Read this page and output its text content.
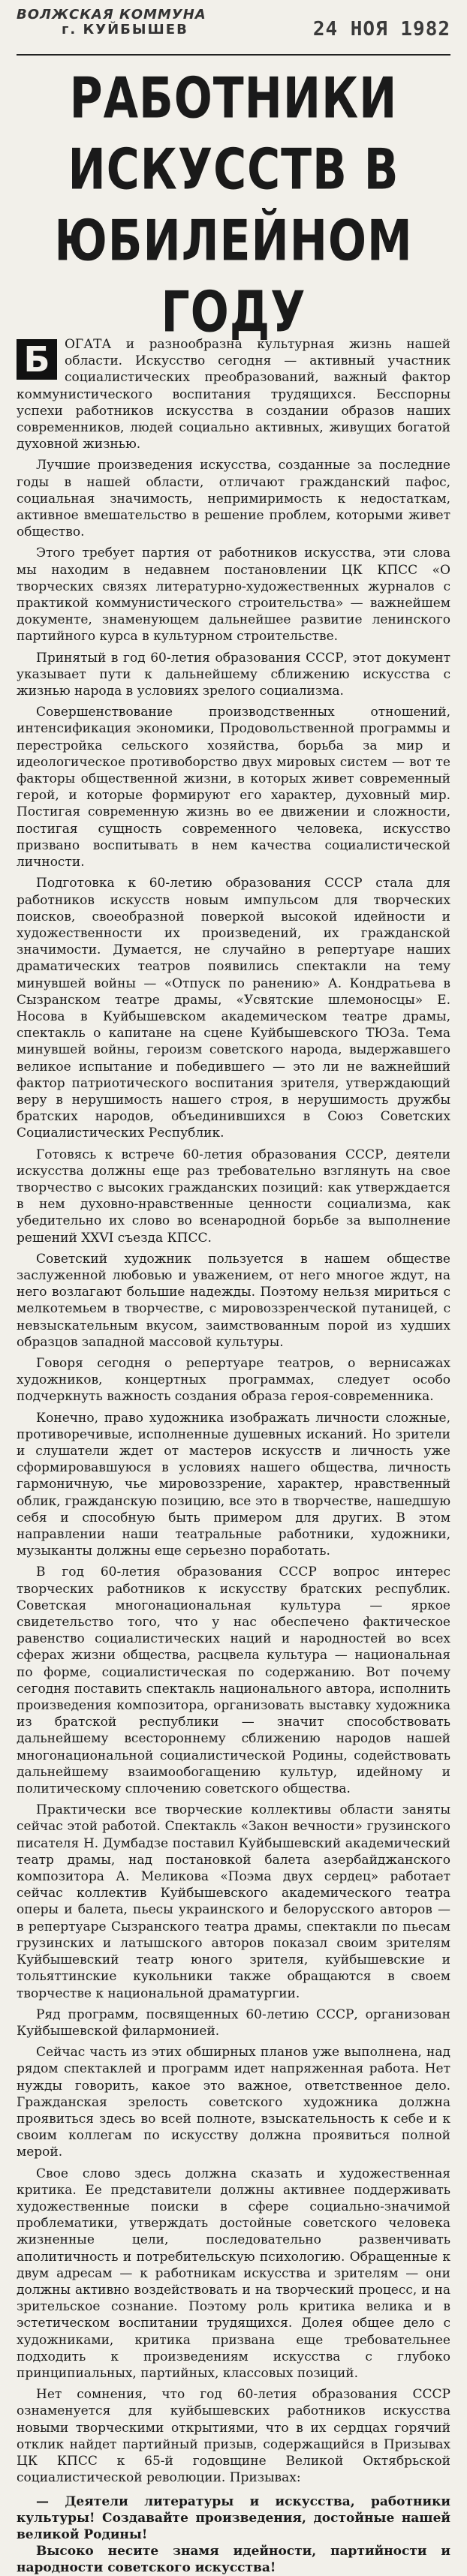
ВОЛЖСКАЯ КОММУНА
г. КУЙБЫШЕВ	24 НОЯ 1982
РАБОТНИКИ ИСКУССТВ В ЮБИЛЕЙНОМ ГОДУ

Б	ОГАТА и разнообразна культурная жизнь нашей области. Искусство сегодня — активный участник социалистических преобразований, важный фактор коммунистического воспитания трудящихся. Бесспорны успехи работников искусства в создании образов наших современников, людей социально активных, живущих богатой духовной жизнью.

Лучшие произведения искусства, созданные за последние годы в нашей области, отличают гражданский пафос, социальная значимость, непримиримость к недостаткам, активное вмешательство в решение проблем, которыми живет общество.

Этого требует партия от работников искусства, эти слова мы находим в недавнем постановлении ЦК КПСС «О творческих связях литературно-художественных журналов с практикой коммунистического строительства» — важнейшем документе, знаменующем дальнейшее развитие ленинского партийного курса в культурном строительстве.

Принятый в год 60-летия образования СССР, этот документ указывает пути к дальнейшему сближению искусства с жизнью народа в условиях зрелого социализма.

Совершенствование производственных отношений, интенсификация экономики, Продовольственной программы и перестройка сельского хозяйства, борьба за мир и идеологическое противоборство двух мировых систем — вот те факторы общественной жизни, в которых живет современный герой, и которые формируют его характер, духовный мир. Постигая современную жизнь во ее движении и сложности, постигая сущность современного человека, искусство призвано воспитывать в нем качества социалистической личности.

Подготовка к 60-летию образования СССР стала для работников искусств новым импульсом для творческих поисков, своеобразной поверкой высокой идейности и художественности их произведений, их гражданской значимости. Думается, не случайно в репертуаре наших драматических театров появились спектакли на тему минувшей войны — «Отпуск по ранению» А. Кондратьева в Сызранском театре драмы, «Усвятские шлемоносцы» Е. Носова в Куйбышевском академическом театре драмы, спектакль о капитане на сцене Куйбышевского ТЮЗа. Тема минувшей войны, героизм советского народа, выдержавшего великое испытание и победившего — это ли не важнейший фактор патриотического воспитания зрителя, утверждающий веру в нерушимость нашего строя, в нерушимость дружбы братских народов, объединившихся в Союз Советских Социалистических Республик.

Готовясь к встрече 60-летия образования СССР, деятели искусства должны еще раз требовательно взглянуть на свое творчество с высоких гражданских позиций: как утверждается в нем духовно-нравственные ценности социализма, как убедительно их слово во всенародной борьбе за выполнение решений XXVI съезда КПСС.

Советский художник пользуется в нашем обществе заслуженной любовью и уважением, от него многое ждут, на него возлагают большие надежды. Поэтому нельзя мириться с мелкотемьем в творчестве, с мировоззренческой путаницей, с невзыскательным вкусом, заимствованным порой из худших образцов западной массовой культуры.

Говоря сегодня о репертуаре театров, о вернисажах художников, концертных программах, следует особо подчеркнуть важность создания образа героя-современника.

Конечно, право художника изображать личности сложные, противоречивые, исполненные душевных исканий. Но зрители и слушатели ждет от мастеров искусств и личность уже сформировавшуюся в условиях нашего общества, личность гармоничную, чье мировоззрение, характер, нравственный облик, гражданскую позицию, все это в творчестве, нашедшую себя и способную быть примером для других. В этом направлении наши театральные работники, художники, музыканты должны еще серьезно поработать.

В год 60-летия образования СССР вопрос интерес творческих работников к искусству братских республик. Советская многонациональная культура — яркое свидетельство того, что у нас обеспечено фактическое равенство социалистических наций и народностей во всех сферах жизни общества, расцвела культура — национальная по форме, социалистическая по содержанию. Вот почему сегодня поставить спектакль национального автора, исполнить произведения композитора, организовать выставку художника из братской республики — значит способствовать дальнейшему всестороннему сближению народов нашей многонациональной социалистической Родины, содействовать дальнейшему взаимообогащению культур, идейному и политическому сплочению советского общества.

Практически все творческие коллективы области заняты сейчас этой работой. Спектакль «Закон вечности» грузинского писателя Н. Думбадзе поставил Куйбышевский академический театр драмы, над постановкой балета азербайджанского композитора А. Меликова «Поэма двух сердец» работает сейчас коллектив Куйбышевского академического театра оперы и балета, пьесы украинского и белорусского авторов — в репертуаре Сызранского театра драмы, спектакли по пьесам грузинских и латышского авторов показал своим зрителям Куйбышевский театр юного зрителя, куйбышевские и тольяттинские кукольники также обращаются в своем творчестве к национальной драматургии.

Ряд программ, посвященных 60-летию СССР, организован Куйбышевской филармонией.

Сейчас часть из этих обширных планов уже выполнена, над рядом спектаклей и программ идет напряженная работа. Нет нужды говорить, какое это важное, ответственное дело. Гражданская зрелость советского художника должна проявиться здесь во всей полноте, взыскательность к себе и к своим коллегам по искусству должна проявиться полной мерой.

Свое слово здесь должна сказать и художественная критика. Ее представители должны активнее поддерживать художественные поиски в сфере социально-значимой проблематики, утверждать достойные советского человека жизненные цели, последовательно развенчивать аполитичность и потребительскую психологию. Обращенные к двум адресам — к работникам искусства и зрителям — они должны активно воздействовать и на творческий процесс, и на зрительское сознание. Поэтому роль критика велика и в эстетическом воспитании трудящихся. Долея общее дело с художниками, критика призвана еще требовательнее подходить к произведениям искусства с глубоко принципиальных, партийных, классовых позиций.

Нет сомнения, что год 60-летия образования СССР ознаменуется для куйбышевских работников искусства новыми творческими открытиями, что в их сердцах горячий отклик найдет партийный призыв, содержащийся в Призывах ЦК КПСС к 65-й годовщине Великой Октябрьской социалистической революции. Призывах:

— Деятели литературы и искусства, работники культуры! Создавайте произведения, достойные нашей великой Родины!

Высоко несите знамя идейности, партийности и народности советского искусства!
